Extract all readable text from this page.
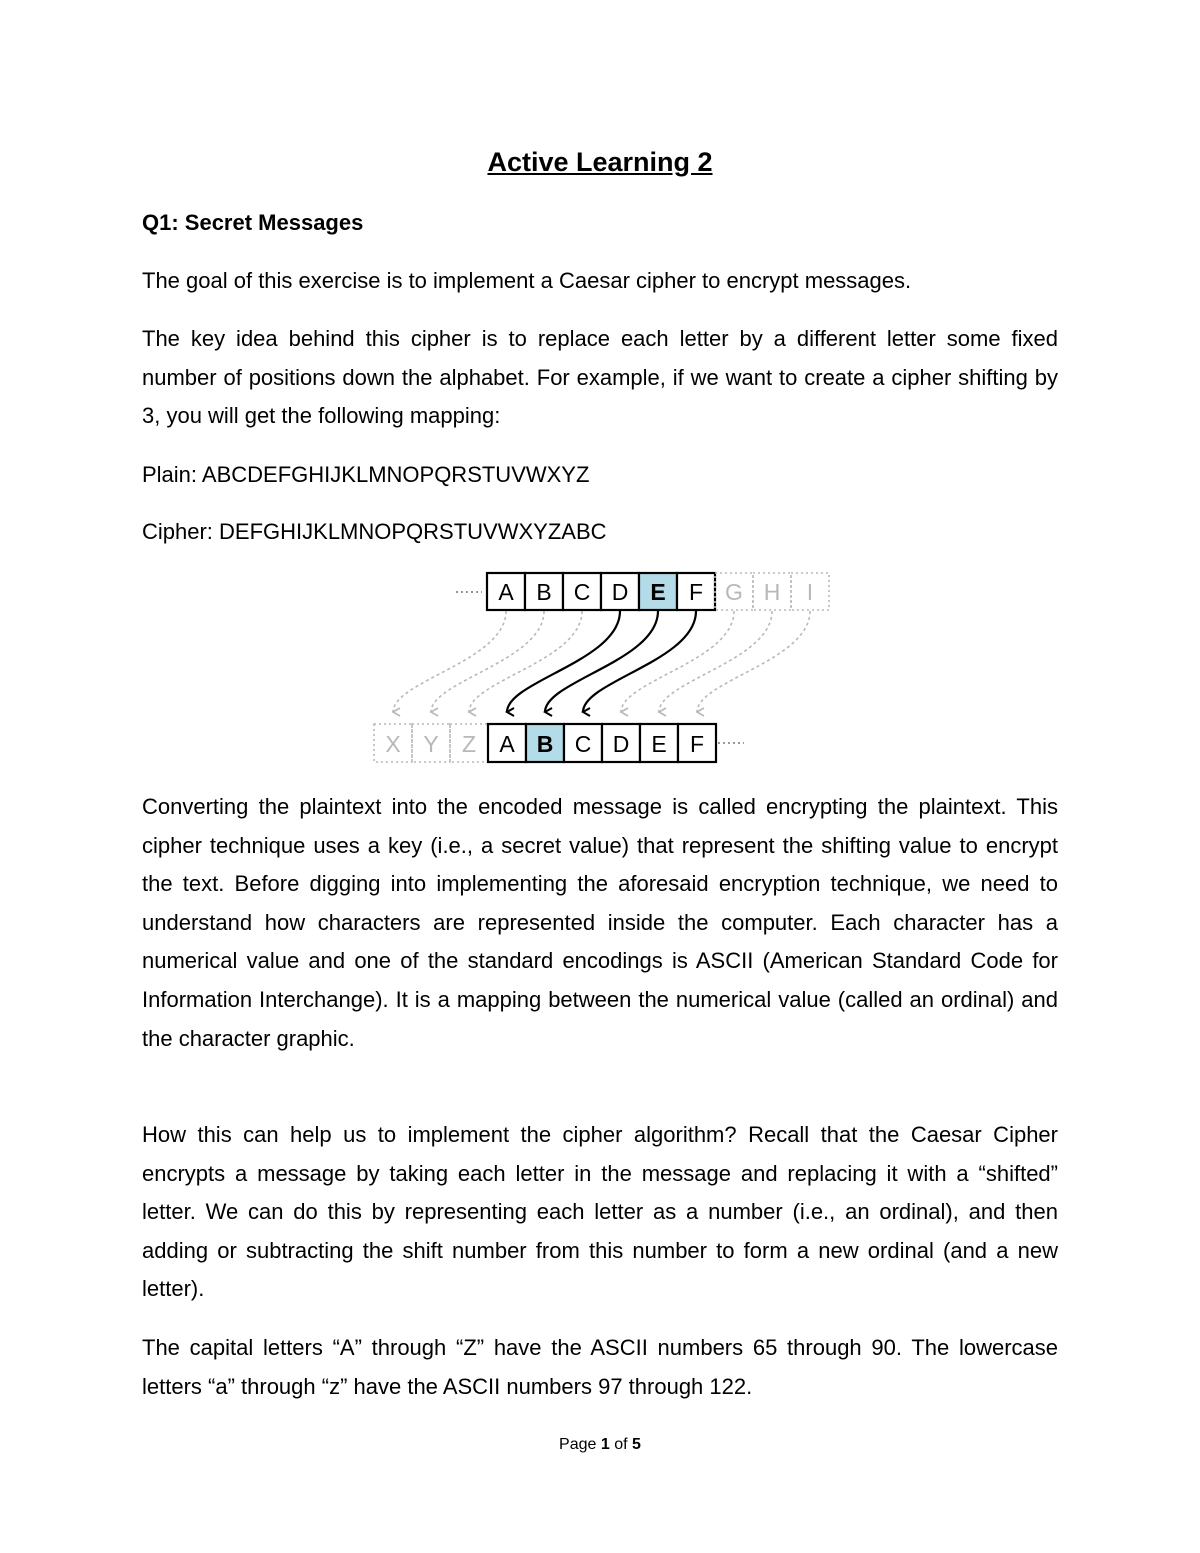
Active Learning 2
Q1: Secret Messages
The goal of this exercise is to implement a Caesar cipher to encrypt messages.
The key idea behind this cipher is to replace each letter by a different letter some fixed number of positions down the alphabet. For example, if we want to create a cipher shifting by 3, you will get the following mapping:
Plain: ABCDEFGHIJKLMNOPQRSTUVWXYZ
Cipher: DEFGHIJKLMNOPQRSTUVWXYZABC
A B C D E F G H I
X Y Z A B C D E F
Converting the plaintext into the encoded message is called encrypting the plaintext. This cipher technique uses a key (i.e., a secret value) that represent the shifting value to encrypt the text. Before digging into implementing the aforesaid encryption technique, we need to understand how characters are represented inside the computer. Each character has a numerical value and one of the standard encodings is ASCII (American Standard Code for Information Interchange). It is a mapping between the numerical value (called an ordinal) and the character graphic.
How this can help us to implement the cipher algorithm? Recall that the Caesar Cipher encrypts a message by taking each letter in the message and replacing it with a “shifted” letter. We can do this by representing each letter as a number (i.e., an ordinal), and then adding or subtracting the shift number from this number to form a new ordinal (and a new letter).
The capital letters “A” through “Z” have the ASCII numbers 65 through 90. The lowercase letters “a” through “z” have the ASCII numbers 97 through 122.
Page 1 of 5
